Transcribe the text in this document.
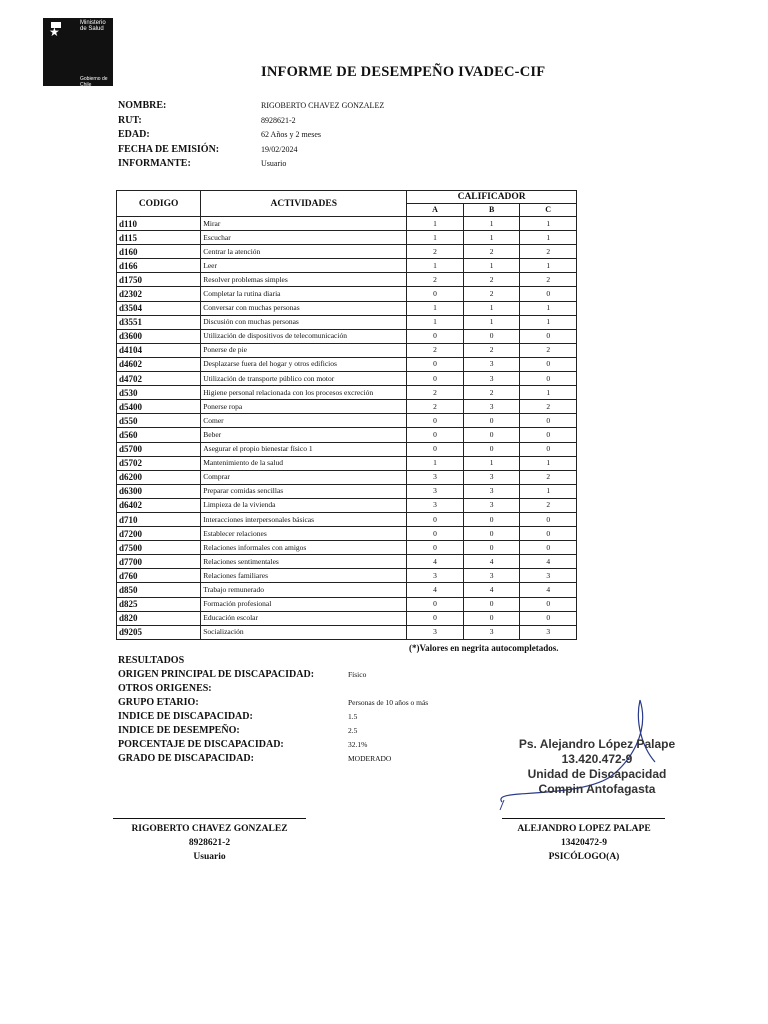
★
Ministerio de Salud
Gobierno de Chile
INFORME DE DESEMPEÑO IVADEC-CIF
NOMBRE:	RIGOBERTO CHAVEZ GONZALEZ
RUT:	8928621-2
EDAD:	62 Años y 2 meses
FECHA DE EMISIÓN:	19/02/2024
INFORMANTE:	Usuario
CODIGO	ACTIVIDADES	CALIFICADOR		
		A	B	C
d110	Mirar	1	1	1
d115	Escuchar	1	1	1
d160	Centrar la atención	2	2	2
d166	Leer	1	1	1
d1750	Resolver problemas simples	2	2	2
d2302	Completar la rutina diaria	0	2	0
d3504	Conversar con muchas personas	1	1	1
d3551	Discusión con muchas personas	1	1	1
d3600	Utilización de dispositivos de telecomunicación	0	0	0
d4104	Ponerse de pie	2	2	2
d4602	Desplazarse fuera del hogar y otros edificios	0	3	0
d4702	Utilización de transporte público con motor	0	3	0
d530	Higiene personal relacionada con los procesos excreción	2	2	1
d5400	Ponerse ropa	2	3	2
d550	Comer	0	0	0
d560	Beber	0	0	0
d5700	Asegurar el propio bienestar físico 1	0	0	0
d5702	Mantenimiento de la salud	1	1	1
d6200	Comprar	3	3	2
d6300	Preparar comidas sencillas	3	3	1
d6402	Limpieza de la vivienda	3	3	2
d710	Interacciones interpersonales básicas	0	0	0
d7200	Establecer relaciones	0	0	0
d7500	Relaciones informales con amigos	0	0	0
d7700	Relaciones sentimentales	4	4	4
d760	Relaciones familiares	3	3	3
d850	Trabajo remunerado	4	4	4
d825	Formación profesional	0	0	0
d820	Educación escolar	0	0	0
d9205	Socialización	3	3	3
(*)Valores en negrita autocompletados.
RESULTADOS
ORIGEN PRINCIPAL DE DISCAPACIDAD:	Físico
OTROS ORIGENES:
GRUPO ETARIO:	Personas de 10 años o más
INDICE DE DISCAPACIDAD:	1.5
INDICE DE DESEMPEÑO:	2.5
PORCENTAJE DE DISCAPACIDAD:	32.1%
GRADO DE DISCAPACIDAD:	MODERADO
Ps. Alejandro López Palape
13.420.472-9
Unidad de Discapacidad
Compin Antofagasta
RIGOBERTO CHAVEZ GONZALEZ
8928621-2
Usuario
ALEJANDRO LOPEZ PALAPE
13420472-9
PSICÓLOGO(A)
